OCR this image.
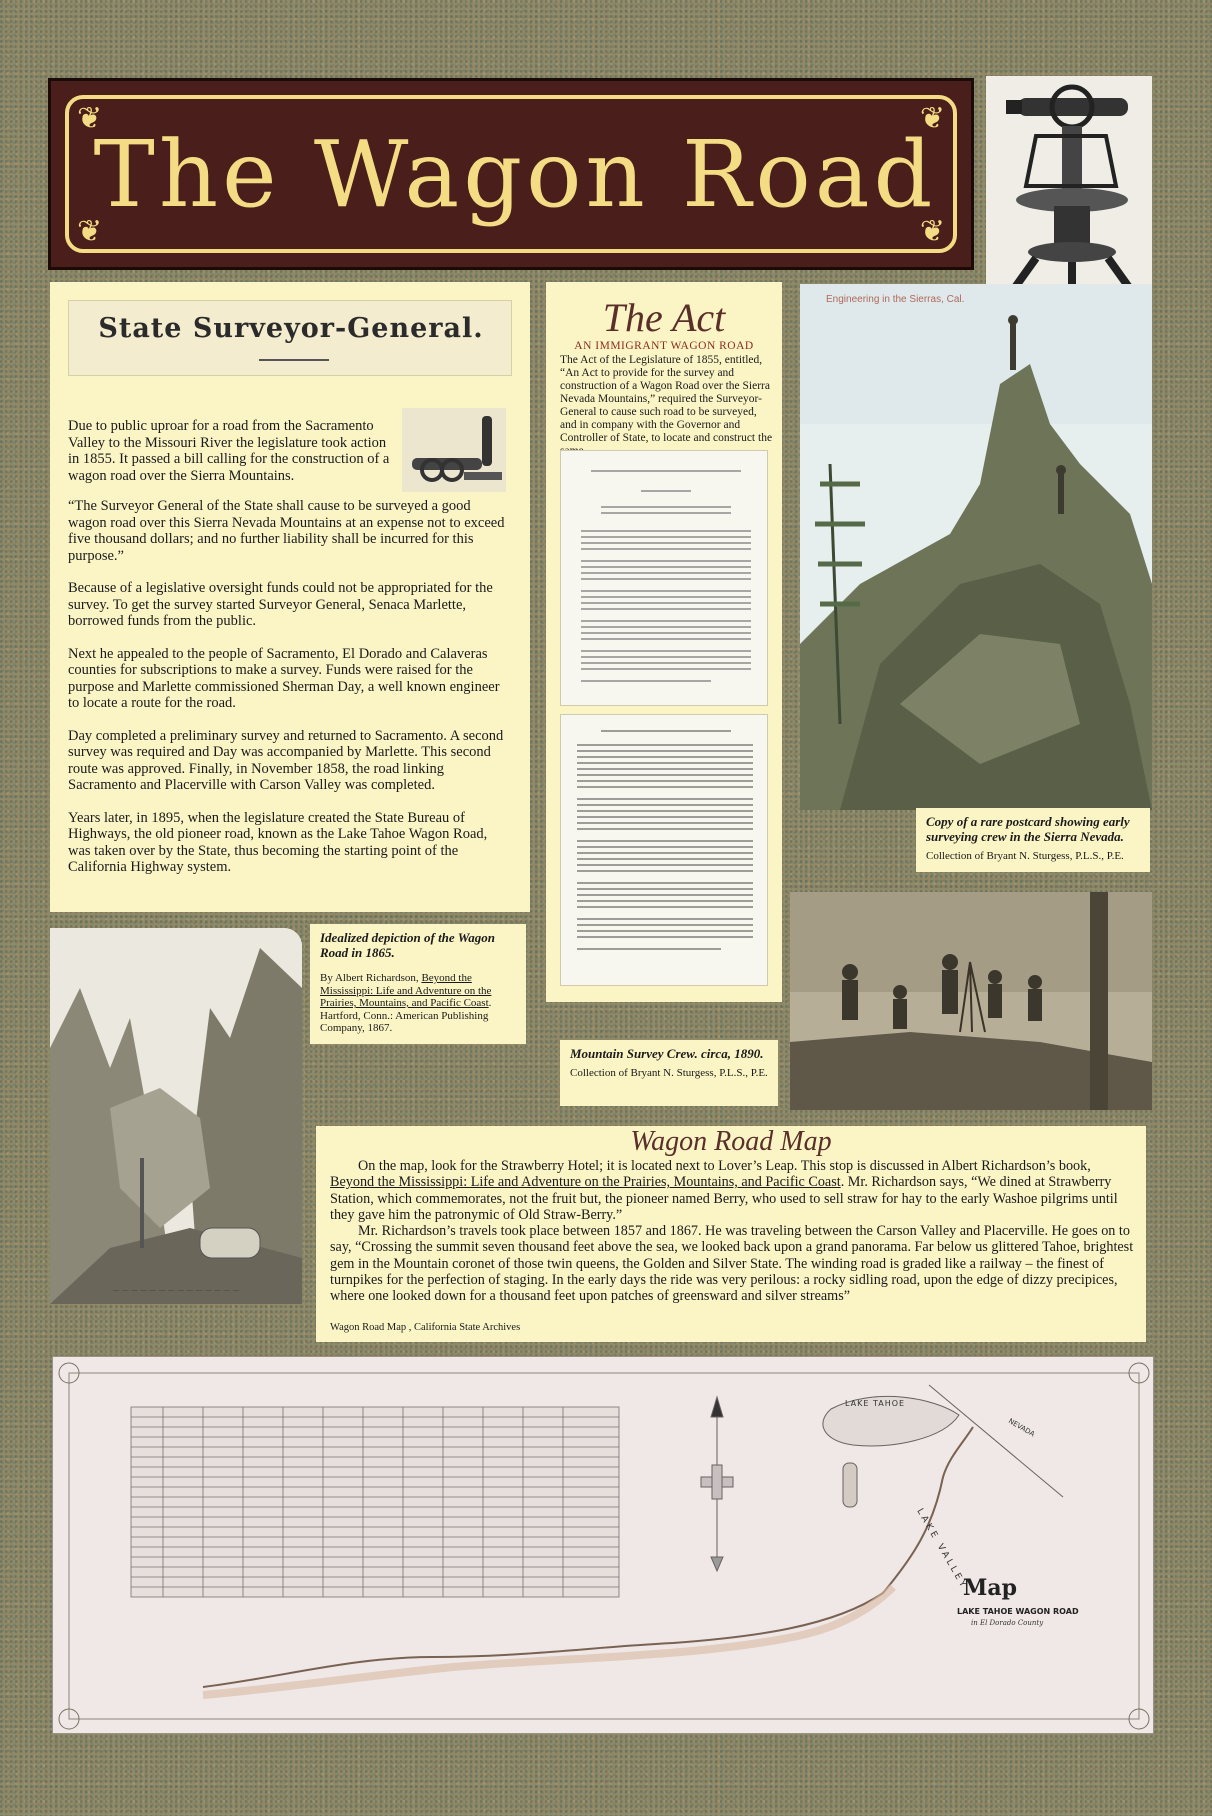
❦	❦
❦	❦
The Wagon Road
State Surveyor-General.
Due to public uproar for a road from the Sacramento Valley to the Missouri River the legislature took action in 1855. It passed a bill calling for the construction of a wagon road over the Sierra Mountains.

“The Surveyor General of the State shall cause to be surveyed a good wagon road over this Sierra Nevada Mountains at an expense not to exceed five thousand dollars; and no further liability shall be incurred for this purpose.”

Because of a legislative oversight funds could not be appropriated for the survey. To get the survey started Surveyor General, Senaca Marlette, borrowed funds from the public.

Next he appealed to the people of Sacramento, El Dorado and Calaveras counties for subscriptions to make a survey. Funds were raised for the purpose and Marlette commissioned Sherman Day, a well known engineer to locate a route for the road.

Day completed a preliminary survey and returned to Sacramento. A second survey was required and Day was accompanied by Marlette. This second route was approved. Finally, in November 1858, the road linking Sacramento and Placerville with Carson Valley was completed.

Years later, in 1895, when the legislature created the State Bureau of Highways, the old pioneer road, known as the Lake Tahoe Wagon Road, was taken over by the State, thus becoming the starting point of the California Highway system.

The Act
AN IMMIGRANT WAGON ROAD
The Act of the Legislature of 1855, entitled, “An Act to provide for the survey and construction of a Wagon Road over the Sierra Nevada Mountains,” required the Surveyor-General to cause such road to be surveyed, and in company with the Governor and Controller of State, to locate and construct the
Engineering in the Sierras, Cal.
Copy of a rare postcard showing early surveying crew in the Sierra Nevada.
Collection of Bryant N. Sturgess, P.L.S., P.E.
— — — — — — — — — — — — — —
Idealized depiction of the Wagon Road in 1865.
By Albert Richardson, Beyond the Mississippi: Life and Adventure on the Prairies, Mountains, and Pacific Coast. Hartford, Conn.: American Publishing Company, 1867.
Mountain Survey Crew. circa, 1890.
Collection of Bryant N. Sturgess, P.L.S., P.E.
Wagon Road Map

On the map, look for the Strawberry Hotel; it is located next to Lover’s Leap. This stop is discussed in Albert Richardson’s book, Beyond the Mississippi: Life and Adventure on the Prairies, Mountains, and Pacific Coast. Mr. Richardson says, “We dined at Strawberry Station, which commemorates, not the fruit but, the pioneer named Berry, who used to sell straw for hay to the early Washoe pilgrims until they gave him the patronymic of Old Straw-Berry.”

Mr. Richardson’s travels took place between 1857 and 1867. He was traveling between the Carson Valley and Placerville. He goes on to say, “Crossing the summit seven thousand feet above the sea, we looked back upon a grand panorama. Far below us glittered Tahoe, brightest gem in the Mountain coronet of those twin queens, the Golden and Silver State. The winding road is graded like a railway – the finest of turnpikes for the perfection of staging. In the early days the ride was very perilous: a rocky sidling road, upon the edge of dizzy precipices, where one looked down for a thousand feet upon patches of greensward and silver streams”

Wagon Road Map , California State Archives
LAKE TAHOE
LAKE VALLEY
NEVADA
Map
LAKE TAHOE WAGON ROAD
in El Dorado County
